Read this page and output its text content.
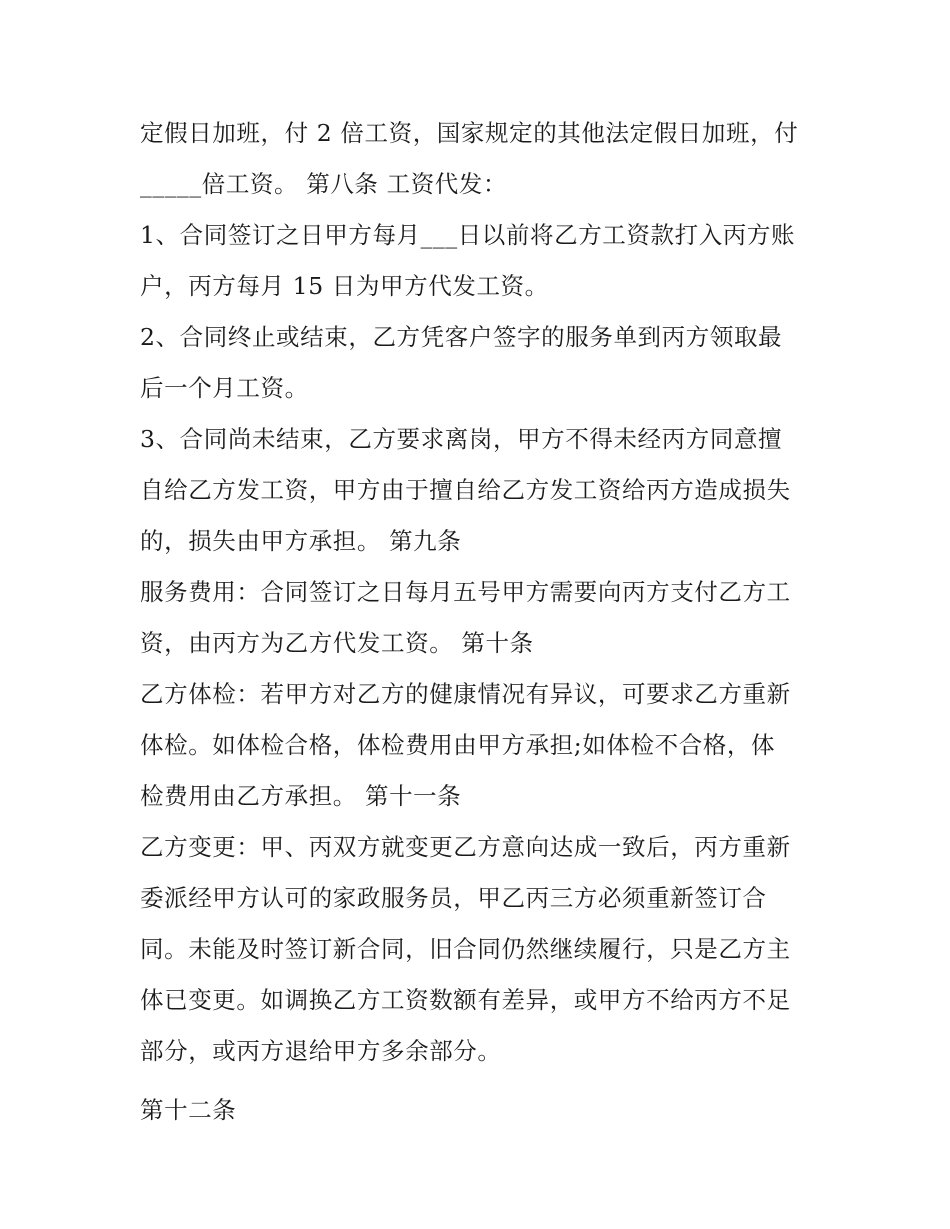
定假日加班，付 2 倍工资，国家规定的其他法定假日加班，付
_____倍工资。 第八条 工资代发：
1、合同签订之日甲方每月___日以前将乙方工资款打入丙方账
户，丙方每月 15 日为甲方代发工资。
2、合同终止或结束，乙方凭客户签字的服务单到丙方领取最
后一个月工资。
3、合同尚未结束，乙方要求离岗，甲方不得未经丙方同意擅
自给乙方发工资，甲方由于擅自给乙方发工资给丙方造成损失
的，损失由甲方承担。 第九条
服务费用：合同签订之日每月五号甲方需要向丙方支付乙方工
资，由丙方为乙方代发工资。 第十条
乙方体检：若甲方对乙方的健康情况有异议，可要求乙方重新
体检。如体检合格，体检费用由甲方承担;如体检不合格，体
检费用由乙方承担。 第十一条
乙方变更：甲、丙双方就变更乙方意向达成一致后，丙方重新
委派经甲方认可的家政服务员，甲乙丙三方必须重新签订合
同。未能及时签订新合同，旧合同仍然继续履行，只是乙方主
体已变更。如调换乙方工资数额有差异，或甲方不给丙方不足
部分，或丙方退给甲方多余部分。
第十二条
